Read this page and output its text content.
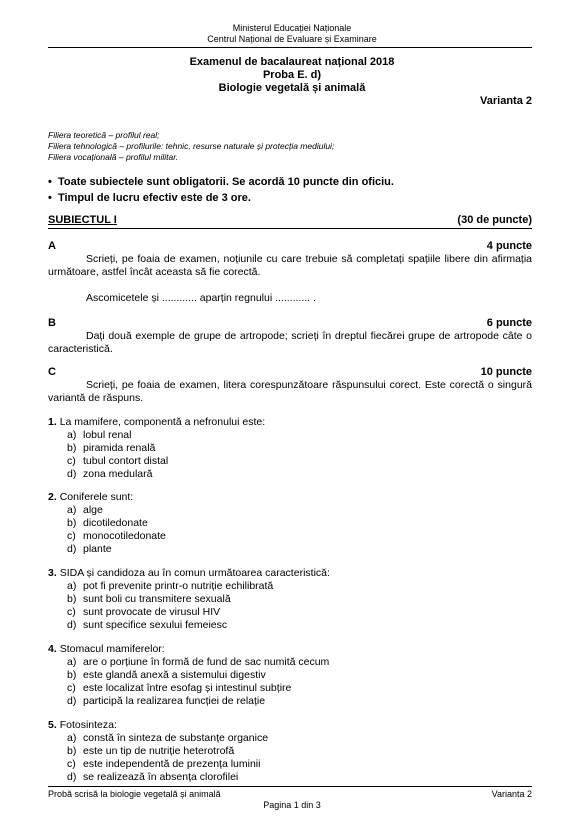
Ministerul Educației Naționale
Centrul Național de Evaluare și Examinare
Examenul de bacalaureat național 2018
Proba E. d)
Biologie vegetală și animală
Varianta 2
Filiera teoretică – profilul real;
Filiera tehnologică – profilurile: tehnic, resurse naturale și protecția mediului;
Filiera vocațională – profilul militar.
• Toate subiectele sunt obligatorii. Se acordă 10 puncte din oficiu.
• Timpul de lucru efectiv este de 3 ore.
SUBIECTUL I	(30 de puncte)
A	4 puncte
Scrieți, pe foaia de examen, noțiunile cu care trebuie să completați spațiile libere din afirmația următoare, astfel încât aceasta să fie corectă.
Ascomicetele și ............ aparțin regnului ............ .
B	6 puncte
Dați două exemple de grupe de artropode; scrieți în dreptul fiecărei grupe de artropode câte o caracteristică.
C	10 puncte
Scrieți, pe foaia de examen, litera corespunzătoare răspunsului corect. Este corectă o singură variantă de răspuns.
1. La mamifere, componentă a nefronului este:
a) lobul renal
b) piramida renală
c) tubul contort distal
d) zona medulară
2. Coniferele sunt:
a) alge
b) dicotiledonate
c) monocotiledonate
d) plante
3. SIDA și candidoza au în comun următoarea caracteristică:
a) pot fi prevenite printr-o nutriție echilibrată
b) sunt boli cu transmitere sexuală
c) sunt provocate de virusul HIV
d) sunt specifice sexului femeiesc
4. Stomacul mamiferelor:
a) are o porțiune în formă de fund de sac numită cecum
b) este glandă anexă a sistemului digestiv
c) este localizat între esofag și intestinul subțire
d) participă la realizarea funcției de relație
5. Fotosinteza:
a) constă în sinteza de substanțe organice
b) este un tip de nutriție heterotrofă
c) este independentă de prezența luminii
d) se realizează în absența clorofilei
Probă scrisă la biologie vegetală și animală	Varianta 2
Pagina 1 din 3
